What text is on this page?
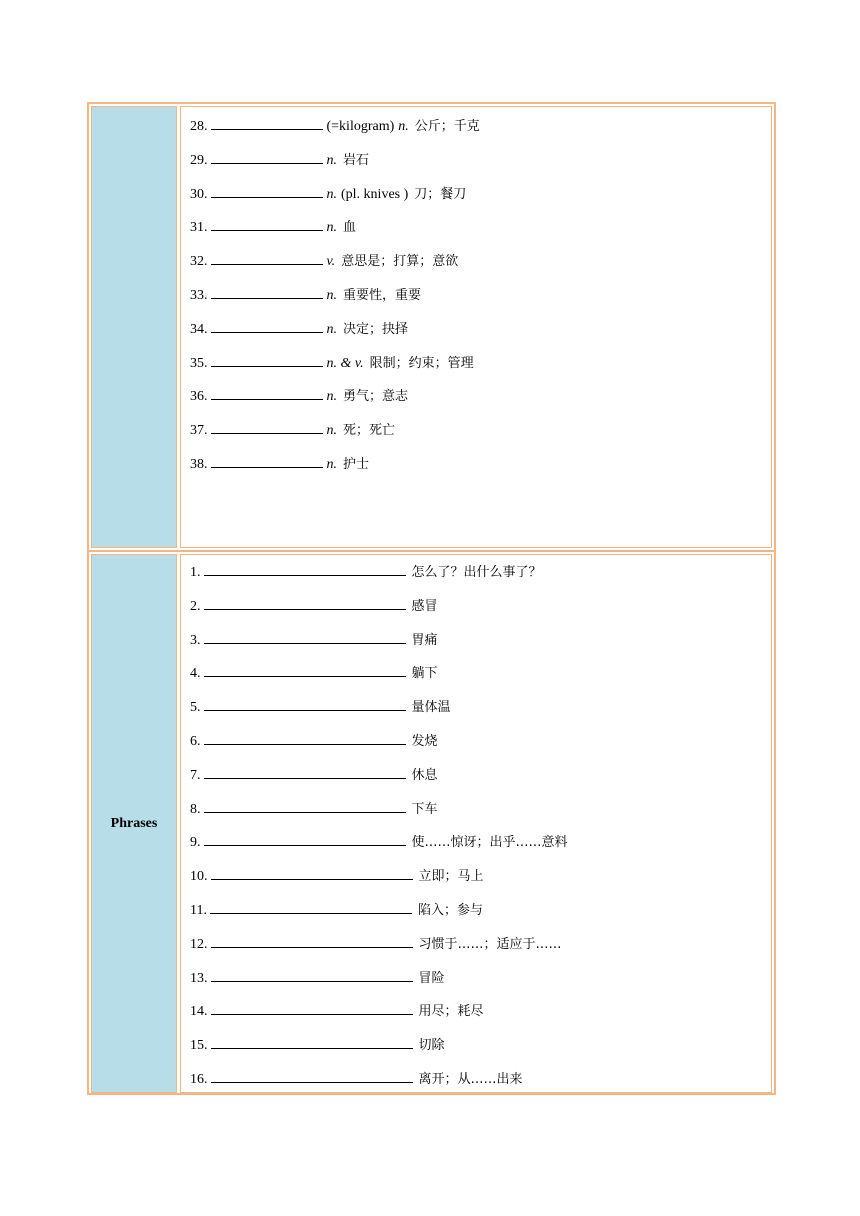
28.	(=kilogram) n. 公斤；千克
29.	n. 岩石
30.	n. (pl. knives ) 刀；餐刀
31.	n. 血
32.	v. 意思是；打算；意欲
33.	n. 重要性，重要
34.	n. 决定；抉择
35.	n. & v. 限制；约束；管理
36.	n. 勇气；意志
37.	n. 死；死亡
38.	n. 护士
Phrases
1.	怎么了？出什么事了？
2.	感冒
3.	胃痛
4.	躺下
5.	量体温
6.	发烧
7.	休息
8.	下车
9.	使……惊讶；出乎……意料
10.	立即；马上
11.	陷入；参与
12.	习惯于……；适应于……
13.	冒险
14.	用尽；耗尽
15.	切除
16.	离开；从……出来
